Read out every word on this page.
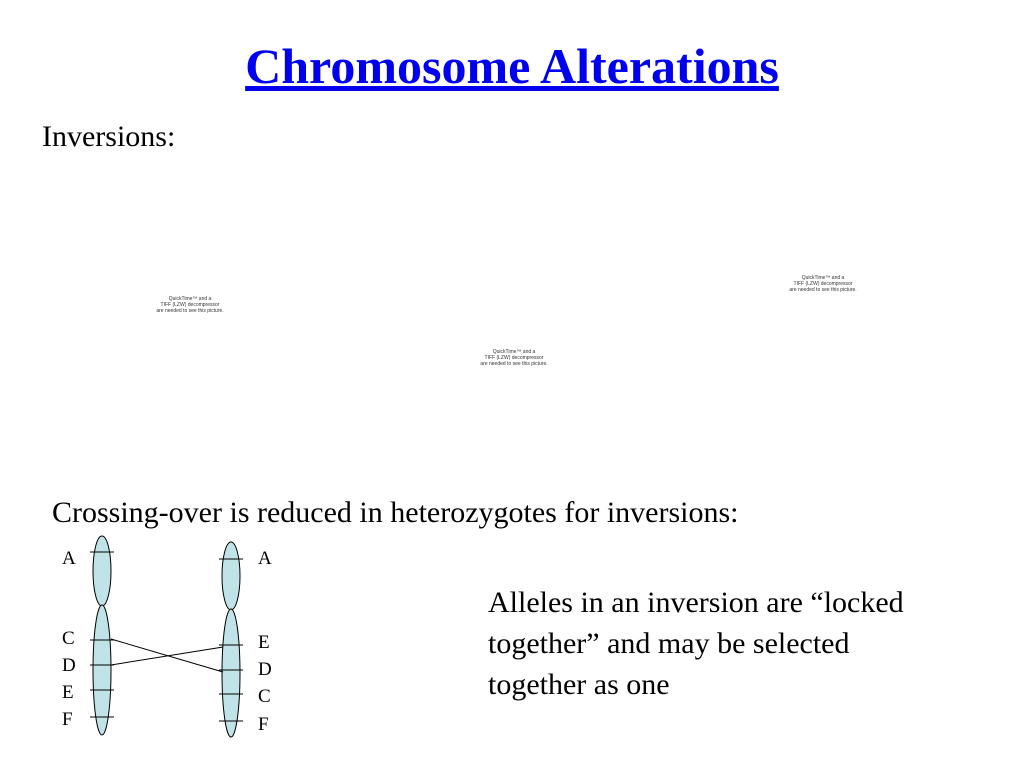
Chromosome Alterations
Inversions:
QuickTime™ and a
TIFF (LZW) decompressor
are needed to see this picture.
QuickTime™ and a
TIFF (LZW) decompressor
are needed to see this picture.
QuickTime™ and a
TIFF (LZW) decompressor
are needed to see this picture.
Crossing-over is reduced in heterozygotes for inversions:
A
C
D
E
F
A
E
D
C
F
Alleles in an inversion are “locked together” and may be selected together as one
